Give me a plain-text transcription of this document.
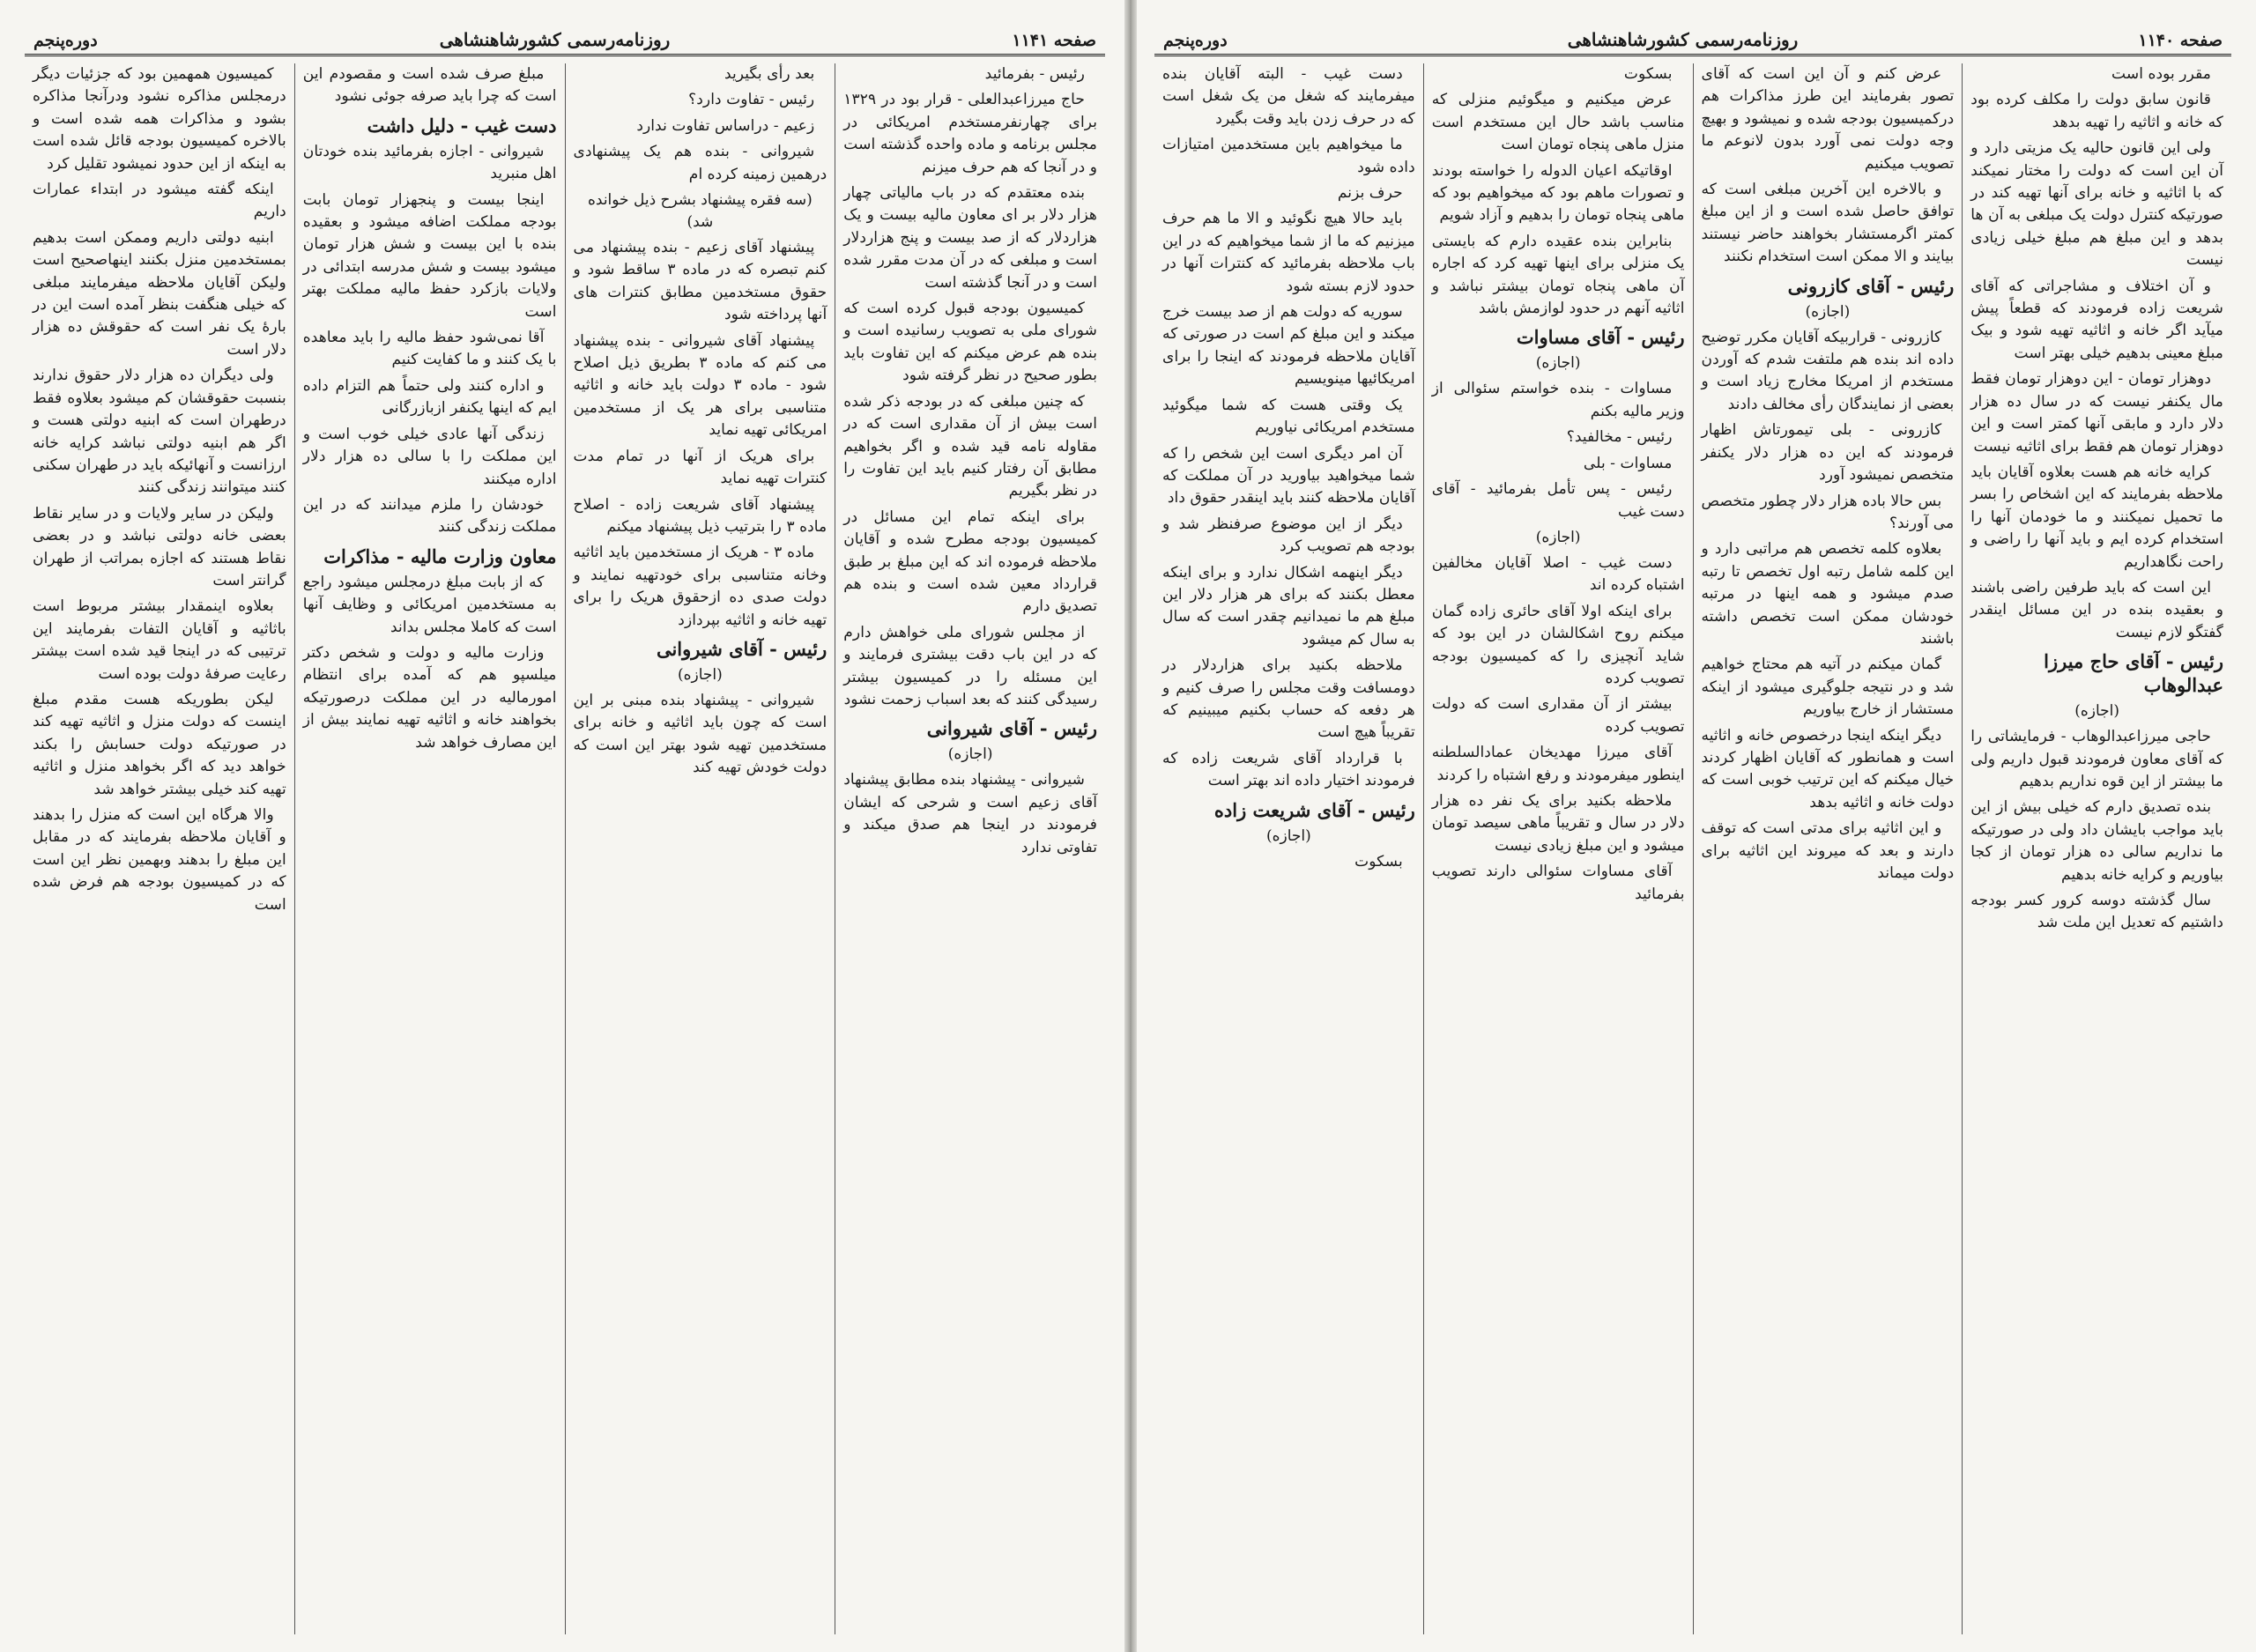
صفحه ۱۱۴۱
روزنامه‌رسمی کشورشاهنشاهی
دوره‌پنجم

رئیس - بفرمائید

حاج میرزاعبدالعلی - قرار بود در ۱۳۲۹ برای چهارنفرمستخدم امریکائی در مجلس برنامه و ماده واحده گذشته است و در آنجا که هم حرف میزنم

بنده معتقدم که در باب مالیاتی چهار هزار دلار بر ای معاون مالیه بیست و یک هزاردلار که از صد بیست و پنج هزاردلار است و مبلغی که در آن مدت مقرر شده است و در آنجا گذشته است

کمیسیون بودجه قبول کرده است که شورای ملی به تصویب رسانیده است و بنده هم عرض میکنم که این تفاوت باید بطور صحیح در نظر گرفته شود

که چنین مبلغی که در بودجه ذکر شده است بیش از آن مقداری است که در مقاوله نامه قید شده و اگر بخواهیم مطابق آن رفتار کنیم باید این تفاوت را در نظر بگیریم

برای اینکه تمام این مسائل در کمیسیون بودجه مطرح شده و آقایان ملاحظه فرموده اند که این مبلغ بر طبق قرارداد معین شده است و بنده هم تصدیق دارم

از مجلس شورای ملی خواهش دارم که در این باب دقت بیشتری فرمایند و این مسئله را در کمیسیون بیشتر رسیدگی کنند که بعد اسباب زحمت نشود

رئیس - آقای شیروانی
(اجازه)

شیروانی - پیشنهاد بنده مطابق پیشنهاد آقای زعیم است و شرحی که ایشان فرمودند در اینجا هم صدق میکند و تفاوتی ندارد

بعد رأی بگیرید

رئیس - تفاوت دارد؟

زعیم - دراساس تفاوت ندارد

شیروانی - بنده هم یک پیشنهادی درهمین زمینه کرده ام

(سه فقره پیشنهاد بشرح ذیل خوانده شد)

پیشنهاد آقای زعیم - بنده پیشنهاد می کنم تبصره که در ماده ۳ ساقط شود و حقوق مستخدمین مطابق کنترات های آنها پرداخته شود

پیشنهاد آقای شیروانی - بنده پیشنهاد می کنم که ماده ۳ بطریق ذیل اصلاح شود - ماده ۳ دولت باید خانه و اثاثیه متناسبی برای هر یک از مستخدمین امریکائی تهیه نماید

برای هریک از آنها در تمام مدت کنترات تهیه نماید

پیشنهاد آقای شریعت زاده - اصلاح ماده ۳ را بترتیب ذیل پیشنهاد میکنم

ماده ۳ - هریک از مستخدمین باید اثاثیه وخانه متناسبی برای خودتهیه نمایند و دولت صدی ده ازحقوق هریک را برای تهیه خانه و اثاثیه بپردازد

رئیس - آقای شیروانی
(اجازه)

شیروانی - پیشنهاد بنده مبنی بر این است که چون باید اثاثیه و خانه برای مستخدمین تهیه شود بهتر این است که دولت خودش تهیه کند

مبلغ صرف شده است و مقصودم این است که چرا باید صرفه جوئی نشود

دست غیب - دلیل داشت

شیروانی - اجازه بفرمائید بنده خودتان اهل منبرید

اینجا بیست و پنجهزار تومان بابت بودجه مملکت اضافه میشود و بعقیده بنده با این بیست و شش هزار تومان میشود بیست و شش مدرسه ابتدائی در ولایات بازکرد حفظ مالیه مملکت بهتر است

آقا نمی‌شود حفظ مالیه را باید معاهده با یک کنند و ما کفایت کنیم

و اداره کنند ولی حتماً هم التزام داده ایم که اینها یکنفر ازبازرگانی

زندگی آنها عادی خیلی خوب است و این مملکت را با سالی ده هزار دلار اداره میکنند

خودشان را ملزم میدانند که در این مملکت زندگی کنند

معاون وزارت مالیه - مذاکرات

که از بابت مبلغ درمجلس میشود راجع به مستخدمین امریکائی و وظایف آنها است که کاملا مجلس بداند

وزارت مالیه و دولت و شخص دکتر میلسپو هم که آمده برای انتظام امورمالیه در این مملکت درصورتیکه بخواهند خانه و اثاثیه تهیه نمایند بیش از این مصارف خواهد شد

کمیسیون همهمین بود که جزئیات دیگر درمجلس مذاکره نشود ودرآنجا مذاکره بشود و مذاکرات همه شده است و بالاخره کمیسیون بودجه قائل شده است به اینکه از این حدود نمیشود تقلیل کرد

اینکه گفته میشود در ابتداء عمارات داریم

ابنیه دولتی داریم وممکن است بدهیم بمستخدمین منزل بکنند اینهاصحیح است ولیکن آقایان ملاحظه میفرمایند مبلغی که خیلی هنگفت بنظر آمده است این در بارهٔ یک نفر است که حقوقش ده هزار دلار است

ولی دیگران ده هزار دلار حقوق ندارند بنسبت حقوقشان کم میشود بعلاوه فقط درطهران است که ابنیه دولتی هست و اگر هم ابنیه دولتی نباشد کرایه خانه ارزانست و آنهائیکه باید در طهران سکنی کنند میتوانند زندگی کنند

ولیکن در سایر ولایات و در سایر نقاط بعضی خانه دولتی نباشد و در بعضی نقاط هستند که اجازه بمراتب از طهران گرانتر است

بعلاوه اینمقدار بیشتر مربوط است باثاثیه و آقایان التفات بفرمایند این ترتیبی که در اینجا قید شده است بیشتر رعایت صرفهٔ دولت بوده است

لیکن بطوریکه هست مقدم مبلغ اینست که دولت منزل و اثاثیه تهیه کند در صورتیکه دولت حسابش را بکند خواهد دید که اگر بخواهد منزل و اثاثیه تهیه کند خیلی بیشتر خواهد شد

والا هرگاه این است که منزل را بدهند و آقایان ملاحظه بفرمایند که در مقابل این مبلغ را بدهند وبهمین نظر این است که در کمیسیون بودجه هم فرض شده است

صفحه ۱۱۴۰
روزنامه‌رسمی کشورشاهنشاهی
دوره‌پنجم

مقرر بوده است

قانون سابق دولت را مکلف کرده بود که خانه و اثاثیه را تهیه بدهد

ولی این قانون حالیه یک مزیتی دارد و آن این است که دولت را مختار نمیکند که با اثاثیه و خانه برای آنها تهیه کند در صورتیکه کنترل دولت یک مبلغی به آن ها بدهد و این مبلغ هم مبلغ خیلی زیادی نیست

و آن اختلاف و مشاجراتی که آقای شریعت زاده فرمودند که قطعاً پیش میآید اگر خانه و اثاثیه تهیه شود و بیک مبلغ معینی بدهیم خیلی بهتر است

دوهزار تومان - این دوهزار تومان فقط مال یکنفر نیست که در سال ده هزار دلار دارد و مابقی آنها کمتر است و این دوهزار تومان هم فقط برای اثاثیه نیست

کرایه خانه هم هست بعلاوه آقایان باید ملاحظه بفرمایند که این اشخاص را بسر ما تحمیل نمیکنند و ما خودمان آنها را استخدام کرده ایم و باید آنها را راضی و راحت نگاهداریم

این است که باید طرفین راضی باشند و بعقیده بنده در این مسائل اینقدر گفتگو لازم نیست

رئیس - آقای حاج میرزا عبدالوهاب
(اجازه)

حاجی میرزاعبدالوهاب - فرمایشاتی را که آقای معاون فرمودند قبول داریم ولی ما بیشتر از این قوه نداریم بدهیم

بنده تصدیق دارم که خیلی بیش از این باید مواجب بایشان داد ولی در صورتیکه ما نداریم سالی ده هزار تومان از کجا بیاوریم و کرایه خانه بدهیم

سال گذشته دوسه کرور کسر بودجه داشتیم که تعدیل این ملت شد

عرض کنم و آن این است که آقای تصور بفرمایند این طرز مذاکرات هم درکمیسیون بودجه شده و نمیشود و بهیچ وجه دولت نمی آورد بدون لانوعم ما تصویب میکنیم

و بالاخره این آخرین مبلغی است که توافق حاصل شده است و از این مبلغ کمتر اگرمستشار بخواهند حاضر نیستند بیایند و الا ممکن است استخدام نکنند

رئیس - آقای کازرونی
(اجازه)

کازرونی - قراربیکه آقایان مکرر توضیح داده اند بنده هم ملتفت شدم که آوردن مستخدم از امریکا مخارج زیاد است و بعضی از نمایندگان رأی مخالف دادند

کازرونی - بلی تیمورتاش اظهار فرمودند که این ده هزار دلار یکنفر متخصص نمیشود آورد

بس حالا باده هزار دلار چطور متخصص می آورند؟

بعلاوه کلمه تخصص هم مراتبی دارد و این کلمه شامل رتبه اول تخصص تا رتبه صدم میشود و همه اینها در مرتبه خودشان ممکن است تخصص داشته باشند

گمان میکنم در آتیه هم محتاج خواهیم شد و در نتیجه جلوگیری میشود از اینکه مستشار از خارج بیاوریم

دیگر اینکه اینجا درخصوص خانه و اثاثیه است و همانطور که آقایان اظهار کردند خیال میکنم که این ترتیب خوبی است که دولت خانه و اثاثیه بدهد

و این اثاثیه برای مدتی است که توقف دارند و بعد که میروند این اثاثیه برای دولت میماند

بسکوت

عرض میکنیم و میگوئیم منزلی که مناسب باشد حال این مستخدم است منزل ماهی پنجاه تومان است

اوقاتیکه اعیان الدوله را خواسته بودند و تصورات ماهم بود که میخواهیم بود که ماهی پنجاه تومان را بدهیم و آزاد شویم

بنابراین بنده عقیده دارم که بایستی یک منزلی برای اینها تهیه کرد که اجاره آن ماهی پنجاه تومان بیشتر نباشد و اثاثیه آنهم در حدود لوازمش باشد

رئیس - آقای مساوات
(اجازه)

مساوات - بنده خواستم سئوالی از وزیر مالیه بکنم

رئیس - مخالفید؟

مساوات - بلی

رئیس - پس تأمل بفرمائید - آقای دست غیب

(اجازه)

دست غیب - اصلا آقایان مخالفین اشتباه کرده اند

برای اینکه اولا آقای حائری زاده گمان میکنم روح اشکالشان در این بود که شاید آنچیزی را که کمیسیون بودجه تصویب کرده

بیشتر از آن مقداری است که دولت تصویب کرده

آقای میرزا مهدیخان عمادالسلطنه اینطور میفرمودند و رفع اشتباه را کردند

ملاحظه بکنید برای یک نفر ده هزار دلار در سال و تقریباً ماهی سیصد تومان میشود و این مبلغ زیادی نیست

آقای مساوات سئوالی دارند تصویب بفرمائید

دست غیب - البته آقایان بنده میفرمایند که شغل من یک شغل است که در حرف زدن باید وقت بگیرد

ما میخواهیم باین مستخدمین امتیازات داده شود

حرف بزنم

باید حالا هیچ نگوئید و الا ما هم حرف میزنیم که ما از شما میخواهیم که در این باب ملاحظه بفرمائید که کنترات آنها در حدود لازم بسته شود

سوریه که دولت هم از صد بیست خرج میکند و این مبلغ کم است در صورتی که آقایان ملاحظه فرمودند که اینجا را برای امریکائیها مینویسیم

یک وقتی هست که شما میگوئید مستخدم امریکائی نیاوریم

آن امر دیگری است این شخص را که شما میخواهید بیاورید در آن مملکت که آقایان ملاحظه کنند باید اینقدر حقوق داد

دیگر از این موضوع صرفنظر شد و بودجه هم تصویب کرد

دیگر اینهمه اشکال ندارد و برای اینکه معطل بکنند که برای هر هزار دلار این مبلغ هم ما نمیدانیم چقدر است که سال به سال کم میشود

ملاحظه بکنید برای هزاردلار در دومسافت وقت مجلس را صرف کنیم و هر دفعه که حساب بکنیم میبینیم که تقریباً هیچ است

با قرارداد آقای شریعت زاده که فرمودند اختیار داده اند بهتر است

رئیس - آقای شریعت زاده
(اجازه)

بسکوت
